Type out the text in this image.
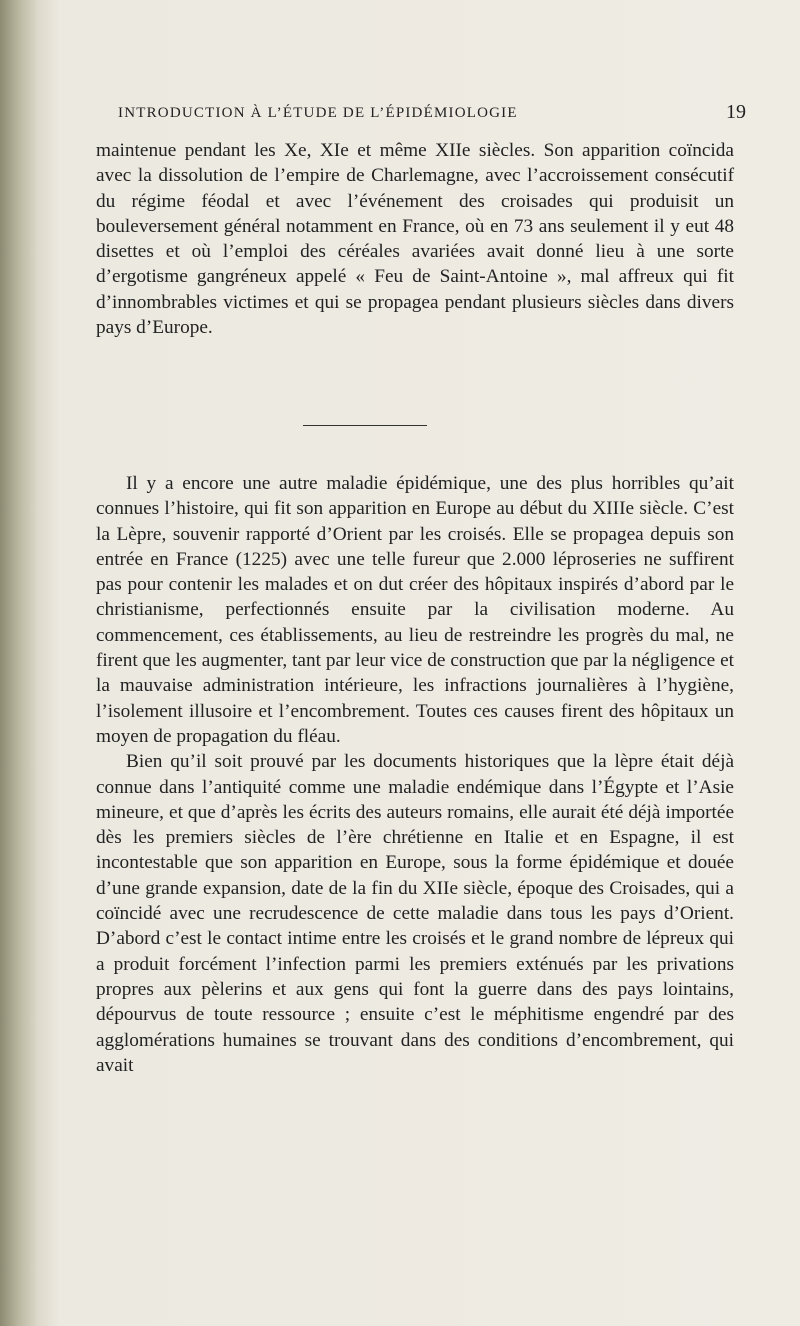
INTRODUCTION À L’ÉTUDE DE L’ÉPIDÉMIOLOGIE	19

maintenue pendant les Xe, XIe et même XIIe siècles. Son apparition coïncida avec la dissolution de l’empire de Charlemagne, avec l’accroissement consécutif du régime féodal et avec l’événement des croisades qui produisit un bouleversement général notamment en France, où en 73 ans seulement il y eut 48 disettes et où l’emploi des céréales avariées avait donné lieu à une sorte d’ergotisme gangréneux appelé « Feu de Saint-Antoine », mal affreux qui fit d’innombrables victimes et qui se propagea pendant plusieurs siècles dans divers pays d’Europe.

Il y a encore une autre maladie épidémique, une des plus horribles qu’ait connues l’histoire, qui fit son apparition en Europe au début du XIIIe siècle. C’est la Lèpre, souvenir rapporté d’Orient par les croisés. Elle se propagea depuis son entrée en France (1225) avec une telle fureur que 2.000 léproseries ne suffirent pas pour contenir les malades et on dut créer des hôpitaux inspirés d’abord par le christianisme, perfectionnés ensuite par la civilisation moderne. Au commencement, ces établissements, au lieu de restreindre les progrès du mal, ne firent que les augmenter, tant par leur vice de construction que par la négligence et la mauvaise administration intérieure, les infractions journalières à l’hygiène, l’isolement illusoire et l’encombrement. Toutes ces causes firent des hôpitaux un moyen de propagation du fléau.

Bien qu’il soit prouvé par les documents historiques que la lèpre était déjà connue dans l’antiquité comme une maladie endémique dans l’Égypte et l’Asie mineure, et que d’après les écrits des auteurs romains, elle aurait été déjà importée dès les premiers siècles de l’ère chrétienne en Italie et en Espagne, il est incontestable que son apparition en Europe, sous la forme épidémique et douée d’une grande expansion, date de la fin du XIIe siècle, époque des Croisades, qui a coïncidé avec une recrudescence de cette maladie dans tous les pays d’Orient. D’abord c’est le contact intime entre les croisés et le grand nombre de lépreux qui a produit forcément l’infection parmi les premiers exténués par les privations propres aux pèlerins et aux gens qui font la guerre dans des pays lointains, dépourvus de toute ressource ; ensuite c’est le méphitisme engendré par des agglomérations humaines se trouvant dans des conditions d’encombrement, qui avait
